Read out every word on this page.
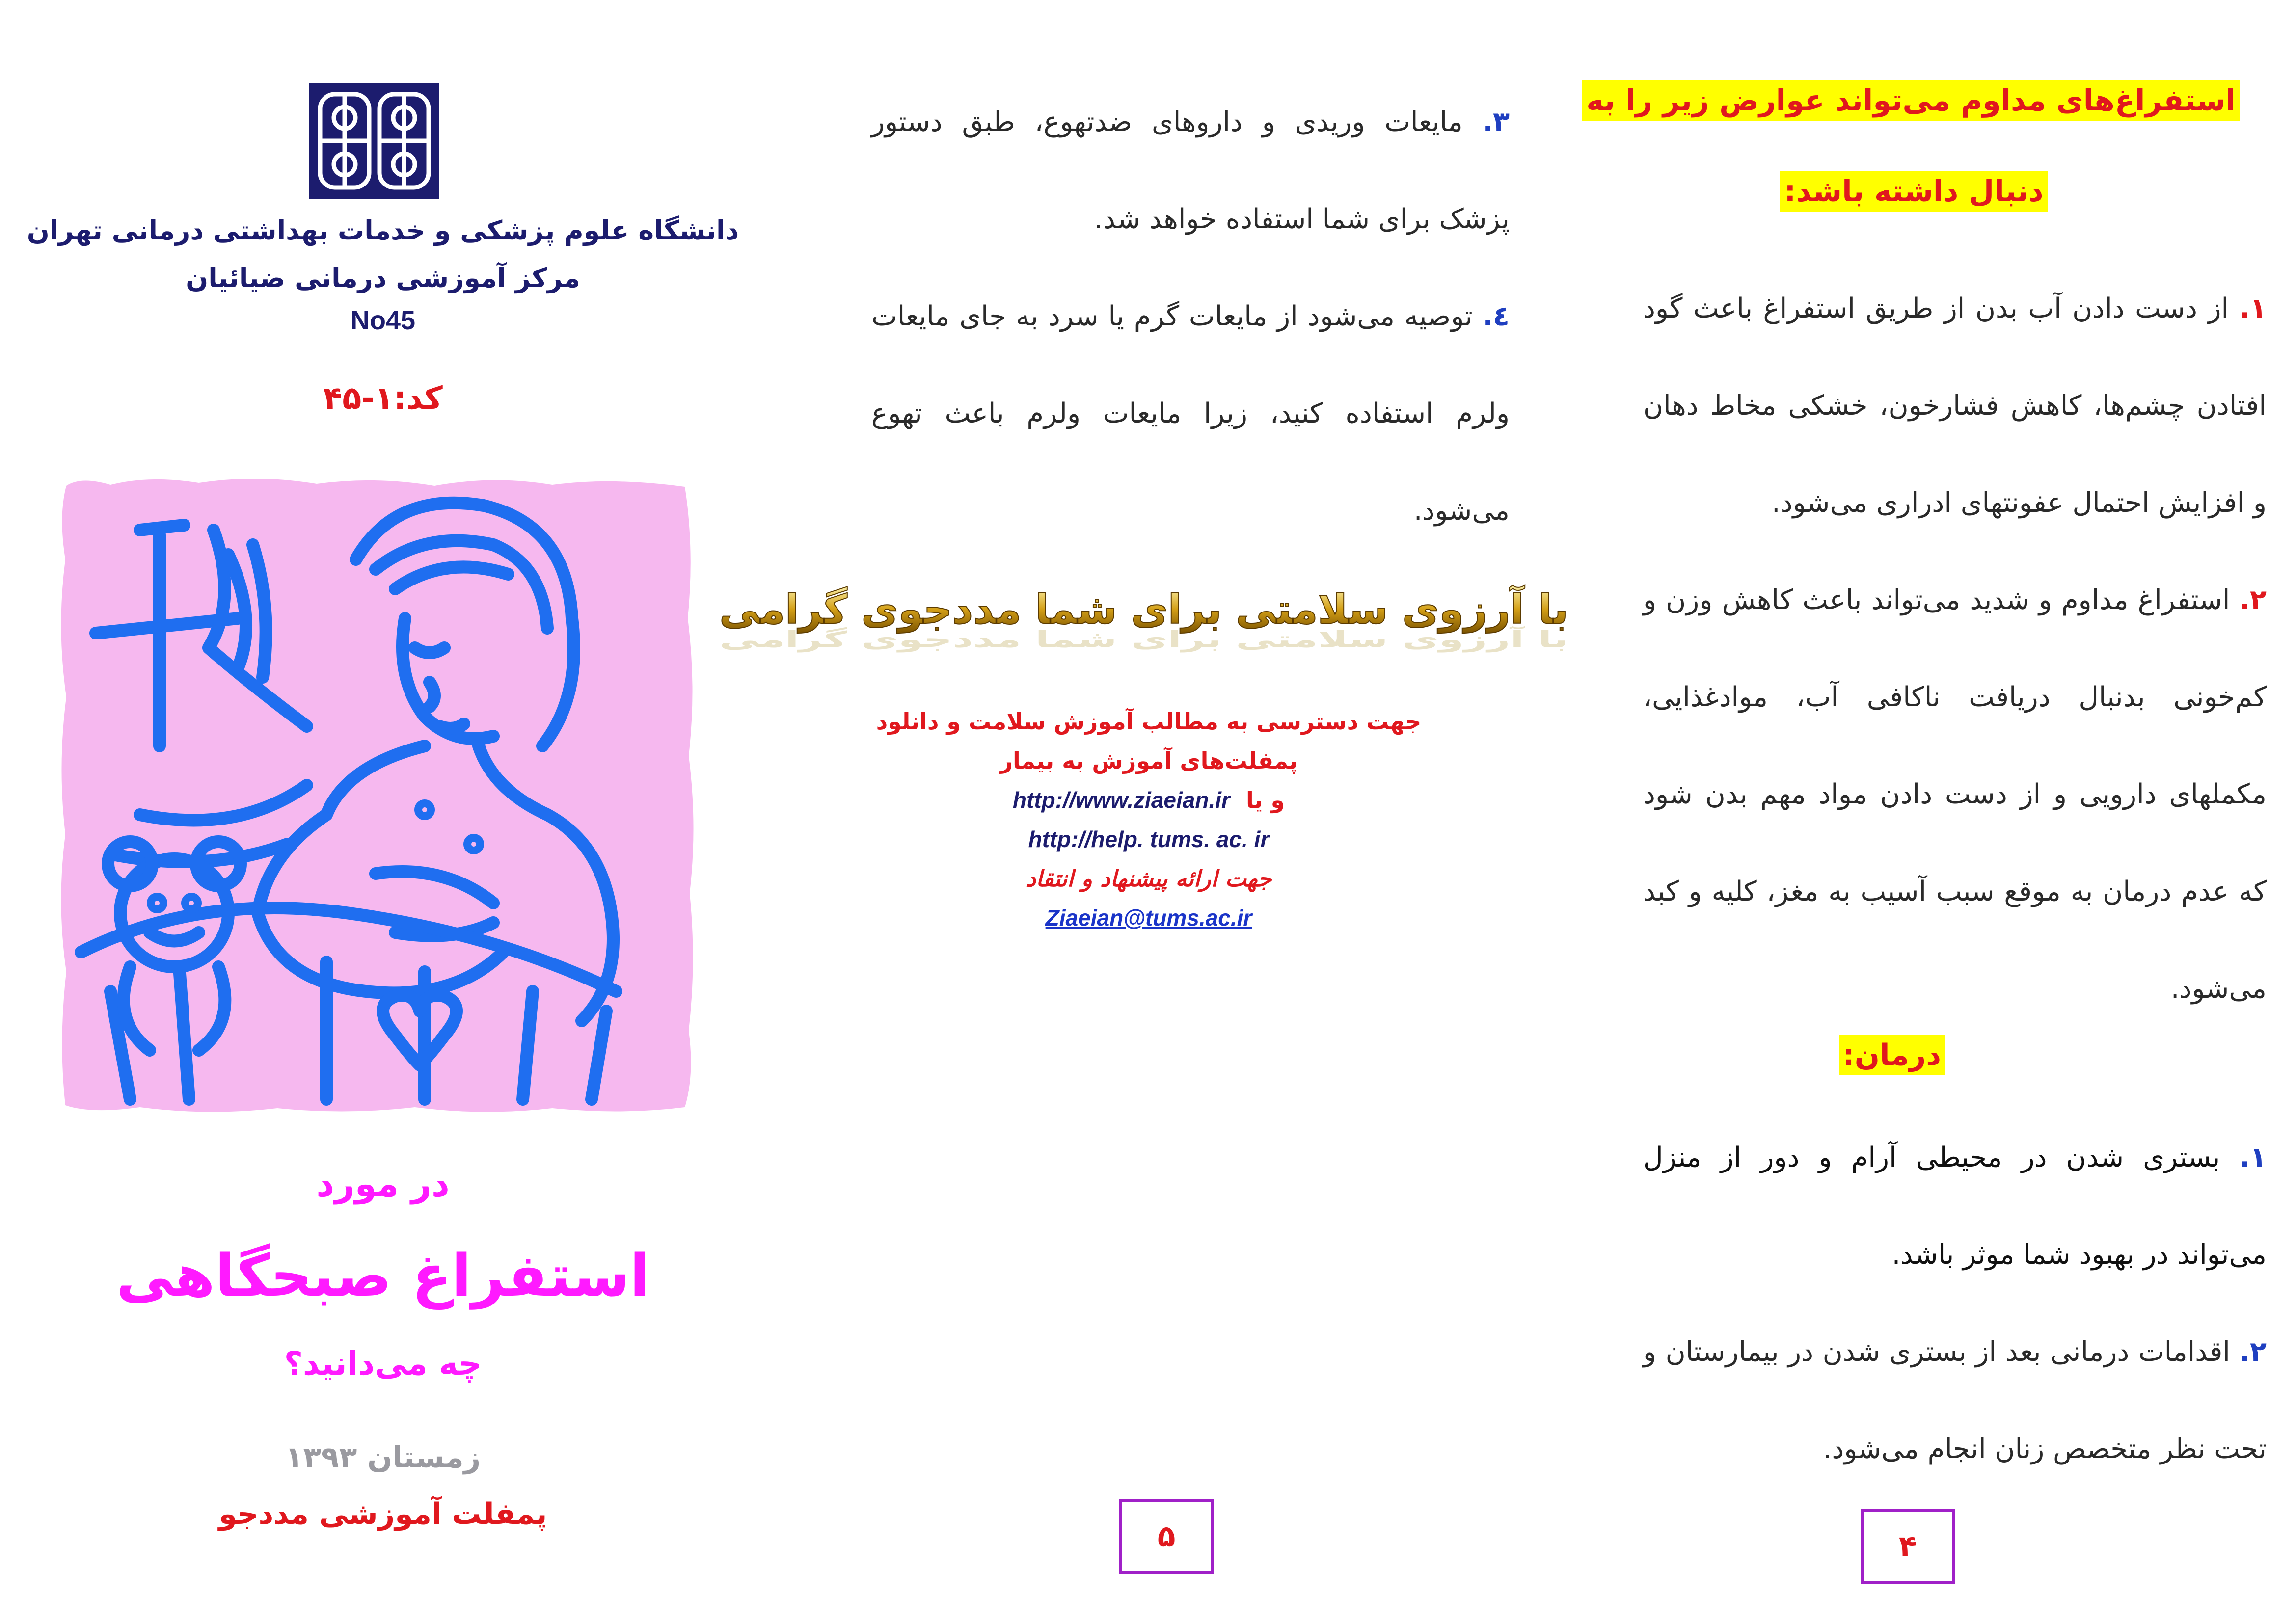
دانشگاه علوم پزشکی و خدمات بهداشتی درمانی تهران
مرکز آموزشی درمانی ضیائیان
No45
کد:۱-۴۵
در مورد
استفراغ صبحگاهی
چه می‌دانید؟
زمستان ۱۳۹۳
پمفلت آموزشی مددجو
۳. مایعات وریدی و داروهای ضدتهوع، طبق دستور پزشک برای شما استفاده خواهد شد.
٤. توصیه می‌شود از مایعات گرم یا سرد به جای مایعات ولرم استفاده کنید، زیرا مایعات ولرم باعث تهوع می‌شود.
با آرزوی سلامتی برای شما مددجوی گرامی
با آرزوی سلامتی برای شما مددجوی گرامی
جهت دسترسی به مطالب آموزش سلامت و دانلود
پمفلت‌های آموزش به بیمار
http://www.ziaeian.ir و یا
http://help. tums. ac. ir
جهت ارائه پیشنهاد و انتقاد
Ziaeian@tums.ac.ir
۵
استفراغ‌های مداوم می‌تواند عوارض زیر را به
دنبال داشته باشد:
۱. از دست دادن آب بدن از طریق استفراغ باعث گود افتادن چشم‌ها، کاهش فشارخون، خشکی مخاط دهان و افزایش احتمال عفونتهای ادراری می‌شود.
۲. استفراغ مداوم و شدید می‌تواند باعث کاهش وزن و کم‌خونی بدنبال دریافت ناکافی آب، موادغذایی، مکملهای دارویی و از دست دادن مواد مهم بدن شود که عدم درمان به موقع سبب آسیب به مغز، کلیه و کبد می‌شود.
درمان:
۱. بستری شدن در محیطی آرام و دور از منزل می‌تواند در بهبود شما موثر باشد.
۲. اقدامات درمانی بعد از بستری شدن در بیمارستان و تحت نظر متخصص زنان انجام می‌شود.
۴
